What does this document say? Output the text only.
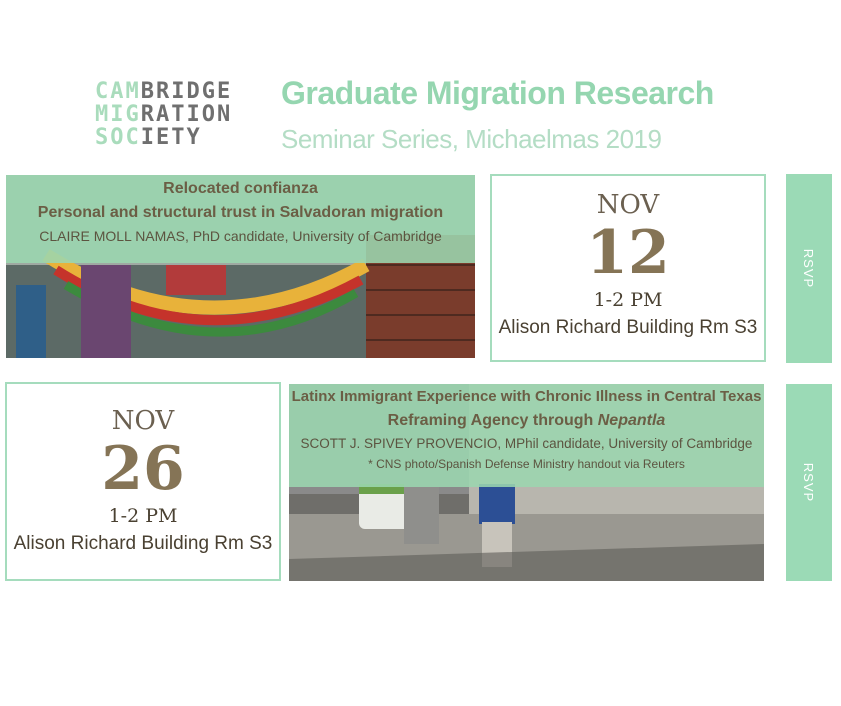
CAMBRIDGE
MIGRATION
SOCIETY
Graduate Migration Research
Seminar Series, Michaelmas 2019
Relocated confianza
Personal and structural trust in Salvadoran migration
CLAIRE MOLL NAMAS, PhD candidate, University of Cambridge
NOV
12
1-2 PM
Alison Richard Building Rm S3
RSVP
NOV
26
1-2 PM
Alison Richard Building Rm S3
Latinx Immigrant Experience with Chronic Illness in Central Texas
Reframing Agency through Nepantla
SCOTT J. SPIVEY PROVENCIO, MPhil candidate, University of Cambridge
* CNS photo/Spanish Defense Ministry handout via Reuters	RSVP
